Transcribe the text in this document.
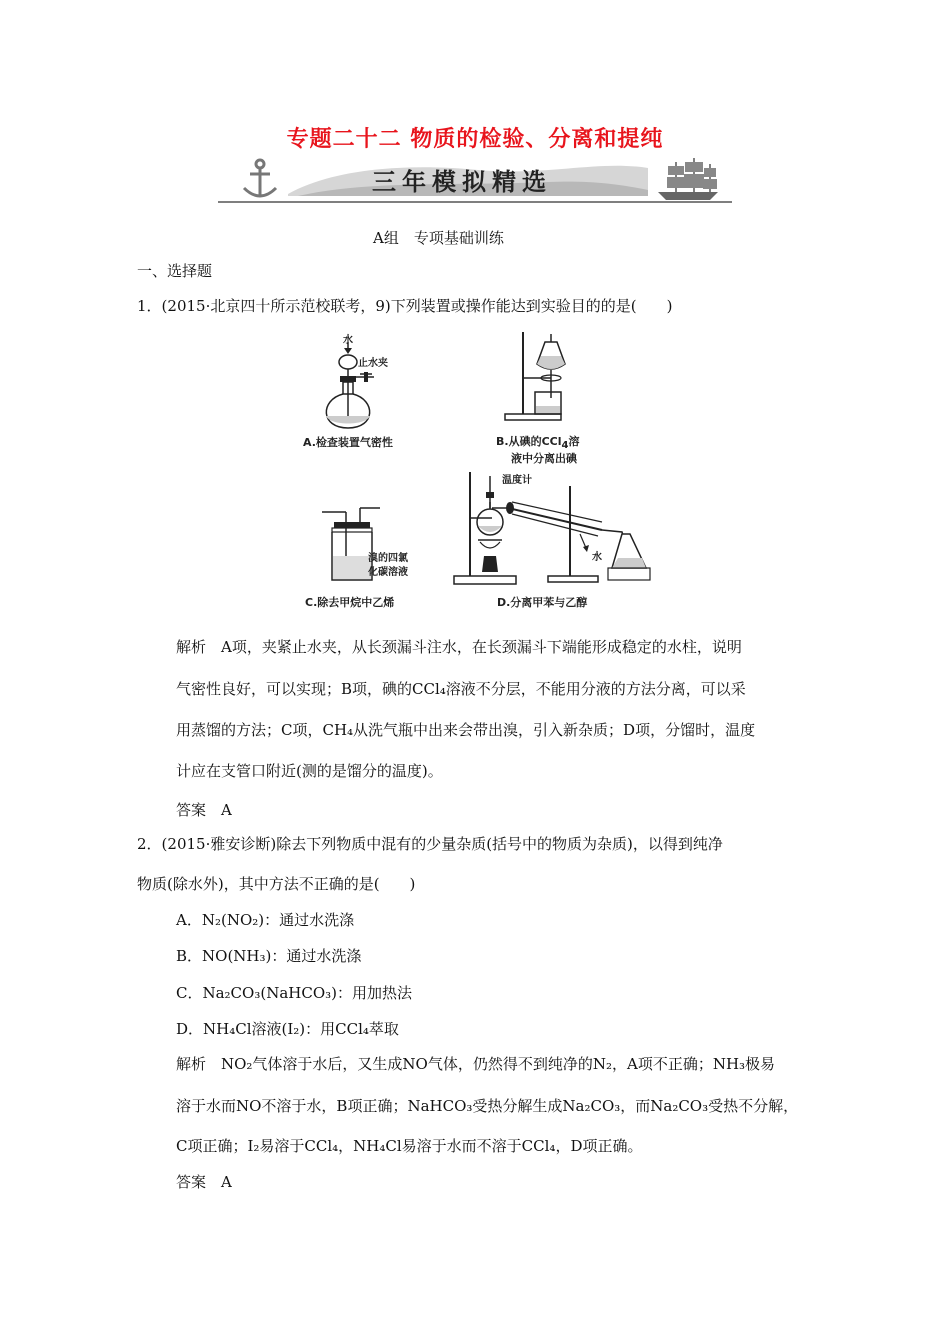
专题二十二 物质的检验、分离和提纯
三年模拟精选
A组　专项基础训练
一、选择题
1．(2015·北京四十所示范校联考，9)下列装置或操作能达到实验目的的是(　　)
水
止水夹
A.检查装置气密性	B.从碘的CCl4溶
液中分离出碘
溴的四氯
化碳溶液
C.除去甲烷中乙烯
温度计
水
D.分离甲苯与乙醇
解析　A项，夹紧止水夹，从长颈漏斗注水，在长颈漏斗下端能形成稳定的水柱，说明
气密性良好，可以实现；B项，碘的CCl₄溶液不分层，不能用分液的方法分离，可以采
用蒸馏的方法；C项，CH₄从洗气瓶中出来会带出溴，引入新杂质；D项，分馏时，温度
计应在支管口附近(测的是馏分的温度)。
答案　A
2．(2015·雅安诊断)除去下列物质中混有的少量杂质(括号中的物质为杂质)，以得到纯净
物质(除水外)，其中方法不正确的是(　　)
A．N₂(NO₂)：通过水洗涤
B．NO(NH₃)：通过水洗涤
C．Na₂CO₃(NaHCO₃)：用加热法
D．NH₄Cl溶液(I₂)：用CCl₄萃取
解析　NO₂气体溶于水后，又生成NO气体，仍然得不到纯净的N₂，A项不正确；NH₃极易
溶于水而NO不溶于水，B项正确；NaHCO₃受热分解生成Na₂CO₃，而Na₂CO₃受热不分解，
C项正确；I₂易溶于CCl₄，NH₄Cl易溶于水而不溶于CCl₄，D项正确。
答案　A
